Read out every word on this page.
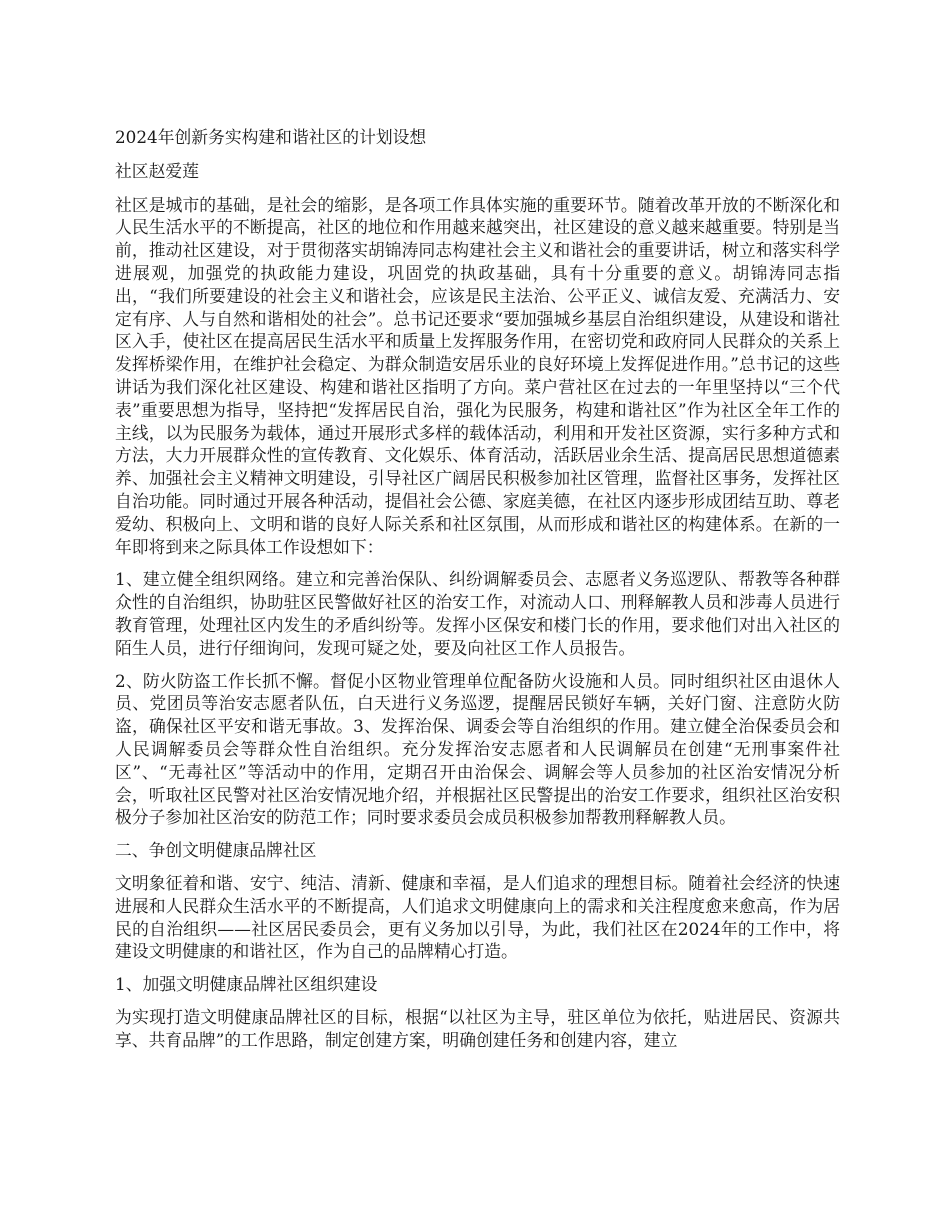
2024年创新务实构建和谐社区的计划设想

社区赵爱莲

社区是城市的基础，是社会的缩影，是各项工作具体实施的重要环节。随着改革开放的不断深化和人民生活水平的不断提高，社区的地位和作用越来越突出，社区建设的意义越来越重要。特别是当前，推动社区建设，对于贯彻落实胡锦涛同志构建社会主义和谐社会的重要讲话，树立和落实科学进展观，加强党的执政能力建设，巩固党的执政基础，具有十分重要的意义。胡锦涛同志指出，“我们所要建设的社会主义和谐社会，应该是民主法治、公平正义、诚信友爱、充满活力、安定有序、人与自然和谐相处的社会”。总书记还要求“要加强城乡基层自治组织建设，从建设和谐社区入手，使社区在提高居民生活水平和质量上发挥服务作用，在密切党和政府同人民群众的关系上发挥桥梁作用，在维护社会稳定、为群众制造安居乐业的良好环境上发挥促进作用。”总书记的这些讲话为我们深化社区建设、构建和谐社区指明了方向。菜户营社区在过去的一年里坚持以“三个代表”重要思想为指导，坚持把“发挥居民自治，强化为民服务，构建和谐社区”作为社区全年工作的主线，以为民服务为载体，通过开展形式多样的载体活动，利用和开发社区资源，实行多种方式和方法，大力开展群众性的宣传教育、文化娱乐、体育活动，活跃居业余生活、提高居民思想道德素养、加强社会主义精神文明建设，引导社区广阔居民积极参加社区管理，监督社区事务，发挥社区自治功能。同时通过开展各种活动，提倡社会公德、家庭美德，在社区内逐步形成团结互助、尊老爱幼、积极向上、文明和谐的良好人际关系和社区氛围，从而形成和谐社区的构建体系。在新的一年即将到来之际具体工作设想如下：

1、建立健全组织网络。建立和完善治保队、纠纷调解委员会、志愿者义务巡逻队、帮教等各种群众性的自治组织，协助驻区民警做好社区的治安工作，对流动人口、刑释解教人员和涉毒人员进行教育管理，处理社区内发生的矛盾纠纷等。发挥小区保安和楼门长的作用，要求他们对出入社区的陌生人员，进行仔细询问，发现可疑之处，要及向社区工作人员报告。

2、防火防盗工作长抓不懈。督促小区物业管理单位配备防火设施和人员。同时组织社区由退休人员、党团员等治安志愿者队伍，白天进行义务巡逻，提醒居民锁好车辆，关好门窗、注意防火防盗，确保社区平安和谐无事故。3、发挥治保、调委会等自治组织的作用。建立健全治保委员会和人民调解委员会等群众性自治组织。充分发挥治安志愿者和人民调解员在创建“无刑事案件社区”、“无毒社区”等活动中的作用，定期召开由治保会、调解会等人员参加的社区治安情况分析会，听取社区民警对社区治安情况地介绍，并根据社区民警提出的治安工作要求，组织社区治安积极分子参加社区治安的防范工作；同时要求委员会成员积极参加帮教刑释解教人员。

二、争创文明健康品牌社区

文明象征着和谐、安宁、纯洁、清新、健康和幸福，是人们追求的理想目标。随着社会经济的快速进展和人民群众生活水平的不断提高，人们追求文明健康向上的需求和关注程度愈来愈高，作为居民的自治组织——社区居民委员会，更有义务加以引导，为此，我们社区在2024年的工作中，将建设文明健康的和谐社区，作为自己的品牌精心打造。

1、加强文明健康品牌社区组织建设

为实现打造文明健康品牌社区的目标，根据“以社区为主导，驻区单位为依托，贴进居民、资源共享、共育品牌”的工作思路，制定创建方案，明确创建任务和创建内容，建立
